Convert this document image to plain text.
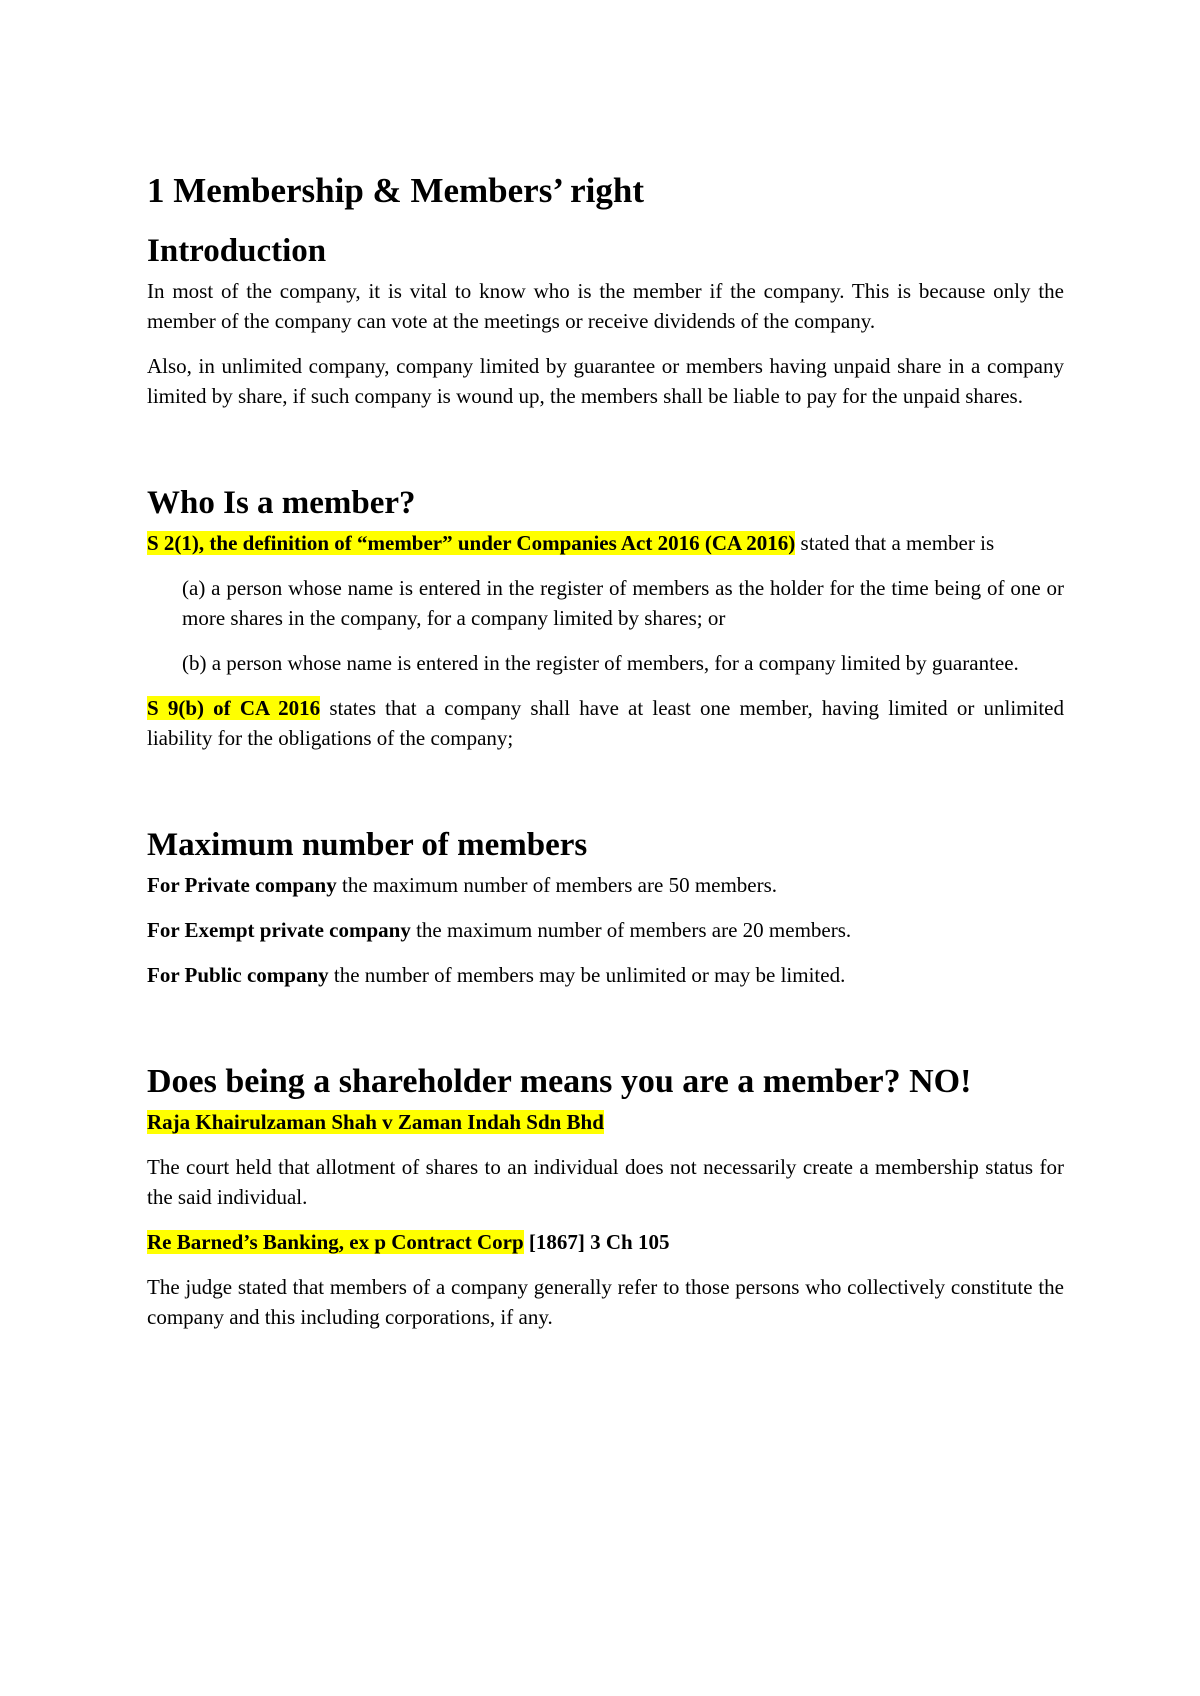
1 Membership & Members’ right
Introduction

In most of the company, it is vital to know who is the member if the company. This is because only the member of the company can vote at the meetings or receive dividends of the company.

Also, in unlimited company, company limited by guarantee or members having unpaid share in a company limited by share, if such company is wound up, the members shall be liable to pay for the unpaid shares.

Who Is a member?

S 2(1), the definition of “member” under Companies Act 2016 (CA 2016) stated that a member is

(a) a person whose name is entered in the register of members as the holder for the time being of one or more shares in the company, for a company limited by shares; or

(b) a person whose name is entered in the register of members, for a company limited by guarantee.

S 9(b) of CA 2016 states that a company shall have at least one member, having limited or unlimited liability for the obligations of the company;

Maximum number of members

For Private company the maximum number of members are 50 members.

For Exempt private company the maximum number of members are 20 members.

For Public company the number of members may be unlimited or may be limited.

Does being a shareholder means you are a member? NO!

Raja Khairulzaman Shah v Zaman Indah Sdn Bhd

The court held that allotment of shares to an individual does not necessarily create a membership status for the said individual.

Re Barned’s Banking, ex p Contract Corp [1867] 3 Ch 105

The judge stated that members of a company generally refer to those persons who collectively constitute the company and this including corporations, if any.
